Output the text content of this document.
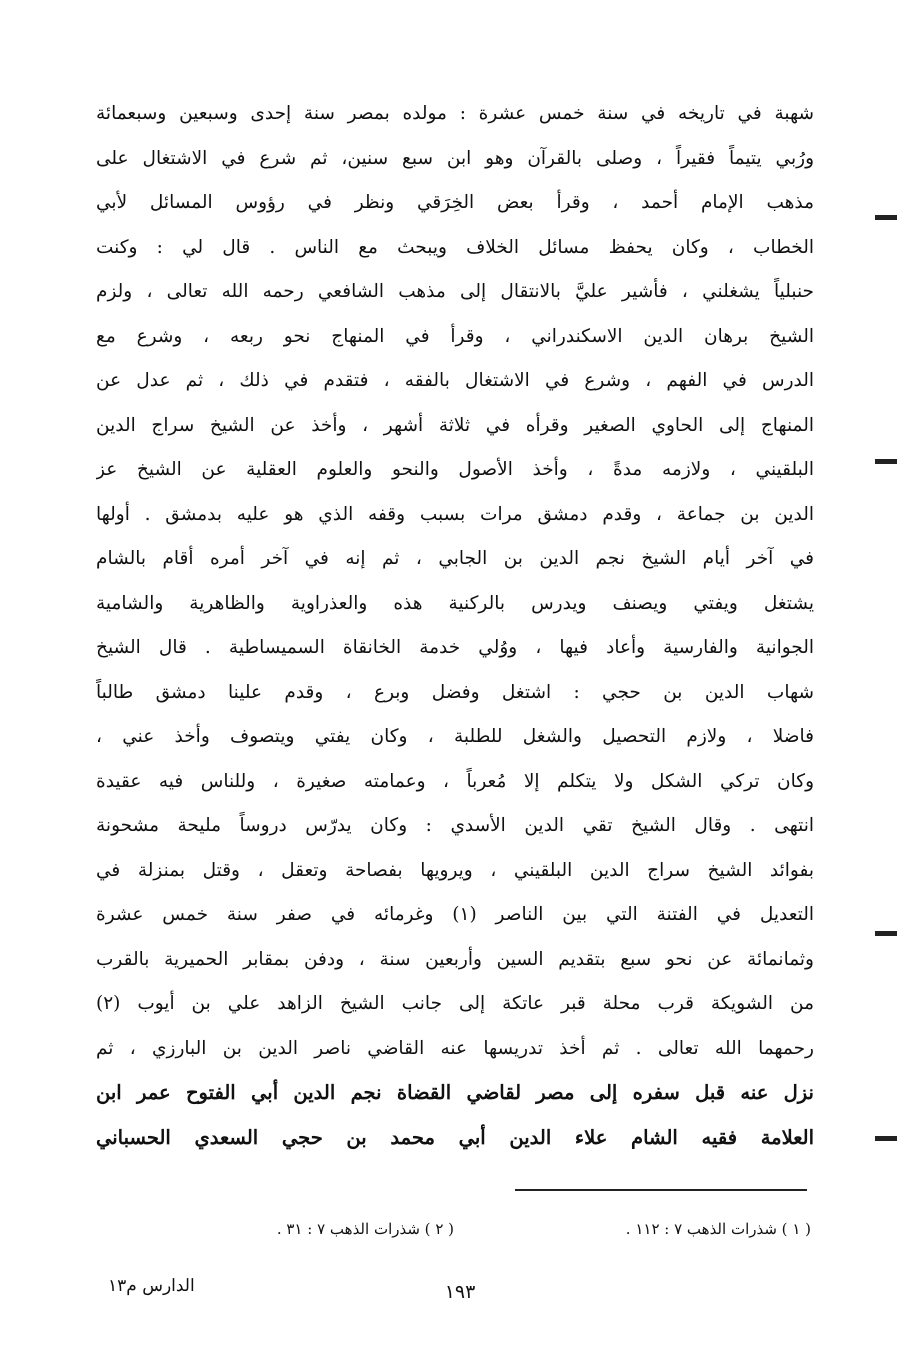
شهبة في تاريخه في سنة خمس عشرة : مولده بمصر سنة إحدى وسبعين وسبعمائة
ورُبي يتيماً فقيراً ، وصلى بالقرآن وهو ابن سبع سنين، ثم شرع في الاشتغال على
مذهب الإمام أحمد ، وقرأ بعض الخِرَقي ونظر في رؤوس المسائل لأبي
الخطاب ، وكان يحفظ مسائل الخلاف ويبحث مع الناس . قال لي : وكنت
حنبلياً يشغلني ، فأشير عليَّ بالانتقال إلى مذهب الشافعي رحمه الله تعالى ، ولزم
الشيخ برهان الدين الاسكندراني ، وقرأ في المنهاج نحو ربعه ، وشرع مع
الدرس في الفهم ، وشرع في الاشتغال بالفقه ، فتقدم في ذلك ، ثم عدل عن
المنهاج إلى الحاوي الصغير وقرأه في ثلاثة أشهر ، وأخذ عن الشيخ سراج الدين
البلقيني ، ولازمه مدةً ، وأخذ الأصول والنحو والعلوم العقلية عن الشيخ عز
الدين بن جماعة ، وقدم دمشق مرات بسبب وقفه الذي هو عليه بدمشق . أولها
في آخر أيام الشيخ نجم الدين بن الجابي ، ثم إنه في آخر أمره أقام بالشام
يشتغل ويفتي ويصنف ويدرس بالركنية هذه والعذراوية والظاهرية والشامية
الجوانية والفارسية وأعاد فيها ، ووُلي خدمة الخانقاة السميساطية . قال الشيخ
شهاب الدين بن حجي : اشتغل وفضل وبرع ، وقدم علينا دمشق طالباً
فاضلا ، ولازم التحصيل والشغل للطلبة ، وكان يفتي ويتصوف وأخذ عني ،
وكان تركي الشكل ولا يتكلم إلا مُعرباً ، وعمامته صغيرة ، وللناس فيه عقيدة
انتهى . وقال الشيخ تقي الدين الأسدي : وكان يدرّس دروساً مليحة مشحونة
بفوائد الشيخ سراج الدين البلقيني ، ويرويها بفصاحة وتعقل ، وقتل بمنزلة في
التعديل في الفتنة التي بين الناصر (١) وغرمائه في صفر سنة خمس عشرة
وثمانمائة عن نحو سبع بتقديم السين وأربعين سنة ، ودفن بمقابر الحميرية بالقرب
من الشويكة قرب محلة قبر عاتكة إلى جانب الشيخ الزاهد علي بن أيوب (٢)
رحمهما الله تعالى . ثم أخذ تدريسها عنه القاضي ناصر الدين بن البارزي ، ثم
نزل عنه قبل سفره إلى مصر لقاضي القضاة نجم الدين أبي الفتوح عمر ابن
العلامة فقيه الشام علاء الدين أبي محمد بن حجي السعدي الحسباني
( ١ ) شذرات الذهب ٧ : ١١٢ .
( ٢ ) شذرات الذهب ٧ : ٣١ .
١٩٣
الدارس م١٣
